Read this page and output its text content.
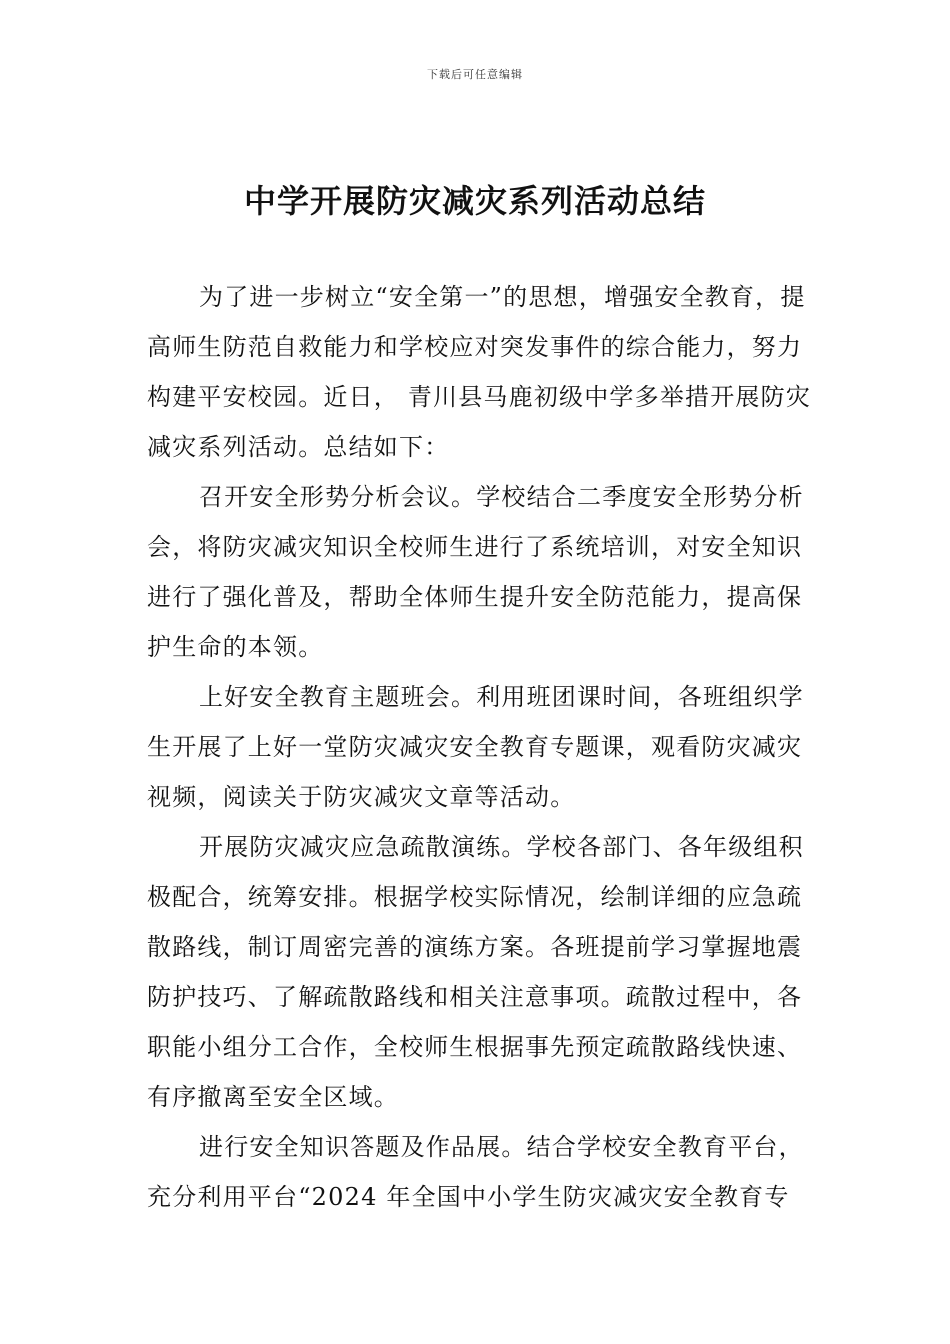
下载后可任意编辑
中学开展防灾减灾系列活动总结

为了进一步树立“安全第一”的思想，增强安全教育，提高师生防范自救能力和学校应对突发事件的综合能力，努力构建平安校园。近日， 青川县马鹿初级中学多举措开展防灾减灾系列活动。总结如下：

召开安全形势分析会议。学校结合二季度安全形势分析会，将防灾减灾知识全校师生进行了系统培训，对安全知识进行了强化普及，帮助全体师生提升安全防范能力，提高保护生命的本领。

上好安全教育主题班会。利用班团课时间，各班组织学生开展了上好一堂防灾减灾安全教育专题课，观看防灾减灾视频，阅读关于防灾减灾文章等活动。

开展防灾减灾应急疏散演练。学校各部门、各年级组积极配合，统筹安排。根据学校实际情况，绘制详细的应急疏散路线，制订周密完善的演练方案。各班提前学习掌握地震防护技巧、了解疏散路线和相关注意事项。疏散过程中，各职能小组分工合作，全校师生根据事先预定疏散路线快速、有序撤离至安全区域。

进行安全知识答题及作品展。结合学校安全教育平台，充分利用平台“2024 年全国中小学生防灾减灾安全教育专
